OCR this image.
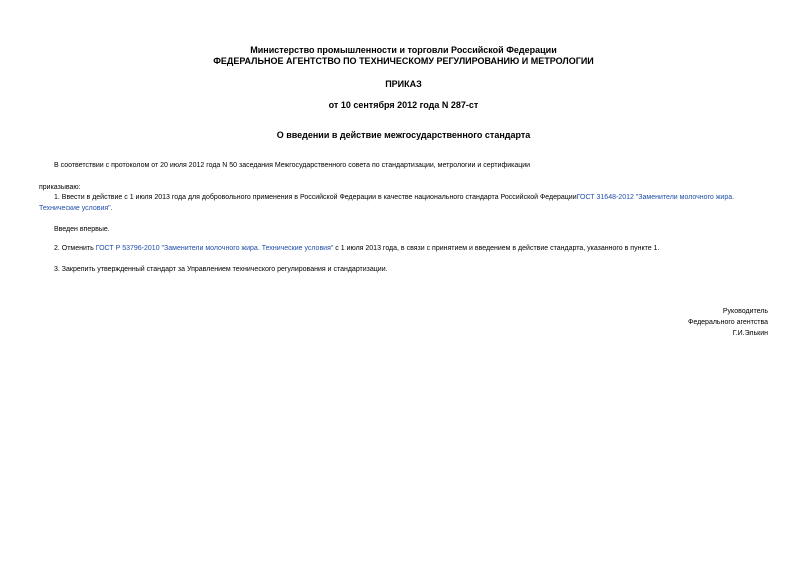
Министерство промышленности и торговли Российской Федерации
ФЕДЕРАЛЬНОЕ АГЕНТСТВО ПО ТЕХНИЧЕСКОМУ РЕГУЛИРОВАНИЮ И МЕТРОЛОГИИ
ПРИКАЗ
от 10 сентября 2012 года N 287-ст
О введении в действие межгосударственного стандарта
В соответствии с протоколом от 20 июля 2012 года N 50 заседания Межгосударственного совета по стандартизации, метрологии и сертификации
приказываю:
1. Ввести в действие с 1 июля 2013 года для добровольного применения в Российской Федерации в качестве национального стандарта Российской ФедерацииГОСТ 31648-2012 "Заменители молочного жира.
Технические условия".
Введен впервые.
2. Отменить ГОСТ Р 53796-2010 "Заменители молочного жира. Технические условия" с 1 июля 2013 года, в связи с принятием и введением в действие стандарта, указанного в пункте 1.
3. Закрепить утвержденный стандарт за Управлением технического регулирования и стандартизации.
Руководитель
Федерального агентства
Г.И.Элькин
